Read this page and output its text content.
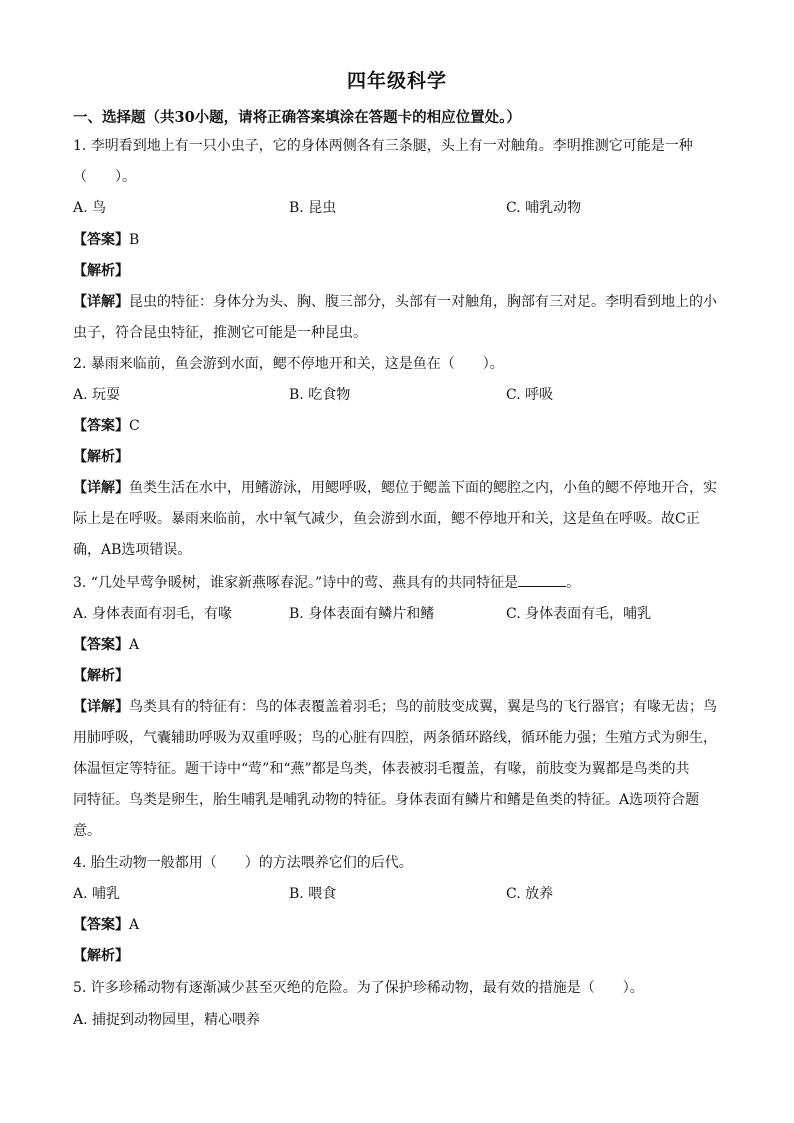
四年级科学
一、选择题（共30小题，请将正确答案填涂在答题卡的相应位置处。）
1. 李明看到地上有一只小虫子，它的身体两侧各有三条腿，头上有一对触角。李明推测它可能是一种
（　　）。
A. 鸟	B. 昆虫	C. 哺乳动物
【答案】B
【解析】
【详解】昆虫的特征：身体分为头、胸、腹三部分，头部有一对触角，胸部有三对足。李明看到地上的小
虫子，符合昆虫特征，推测它可能是一种昆虫。
2. 暴雨来临前，鱼会游到水面，鳃不停地开和关，这是鱼在（　　）。
A. 玩耍	B. 吃食物	C. 呼吸
【答案】C
【解析】
【详解】鱼类生活在水中，用鳍游泳，用鳃呼吸，鳃位于鳃盖下面的鳃腔之内，小鱼的鳃不停地开合，实
际上是在呼吸。暴雨来临前，水中氧气减少，鱼会游到水面，鳃不停地开和关，这是鱼在呼吸。故C正
确，AB选项错误。
3. “几处早莺争暖树，谁家新燕啄春泥。”诗中的莺、燕具有的共同特征是	。
A. 身体表面有羽毛，有喙	B. 身体表面有鳞片和鳍	C. 身体表面有毛，哺乳
【答案】A
【解析】
【详解】鸟类具有的特征有：鸟的体表覆盖着羽毛；鸟的前肢变成翼，翼是鸟的飞行器官；有喙无齿；鸟
用肺呼吸，气囊辅助呼吸为双重呼吸；鸟的心脏有四腔，两条循环路线，循环能力强；生殖方式为卵生，
体温恒定等特征。题干诗中“莺”和“燕”都是鸟类，体表被羽毛覆盖，有喙，前肢变为翼都是鸟类的共
同特征。鸟类是卵生，胎生哺乳是哺乳动物的特征。身体表面有鳞片和鳍是鱼类的特征。A选项符合题
意。
4. 胎生动物一般都用（　　）的方法喂养它们的后代。
A. 哺乳	B. 喂食	C. 放养
【答案】A
【解析】
5. 许多珍稀动物有逐渐减少甚至灭绝的危险。为了保护珍稀动物，最有效的措施是（　　）。
A. 捕捉到动物园里，精心喂养
